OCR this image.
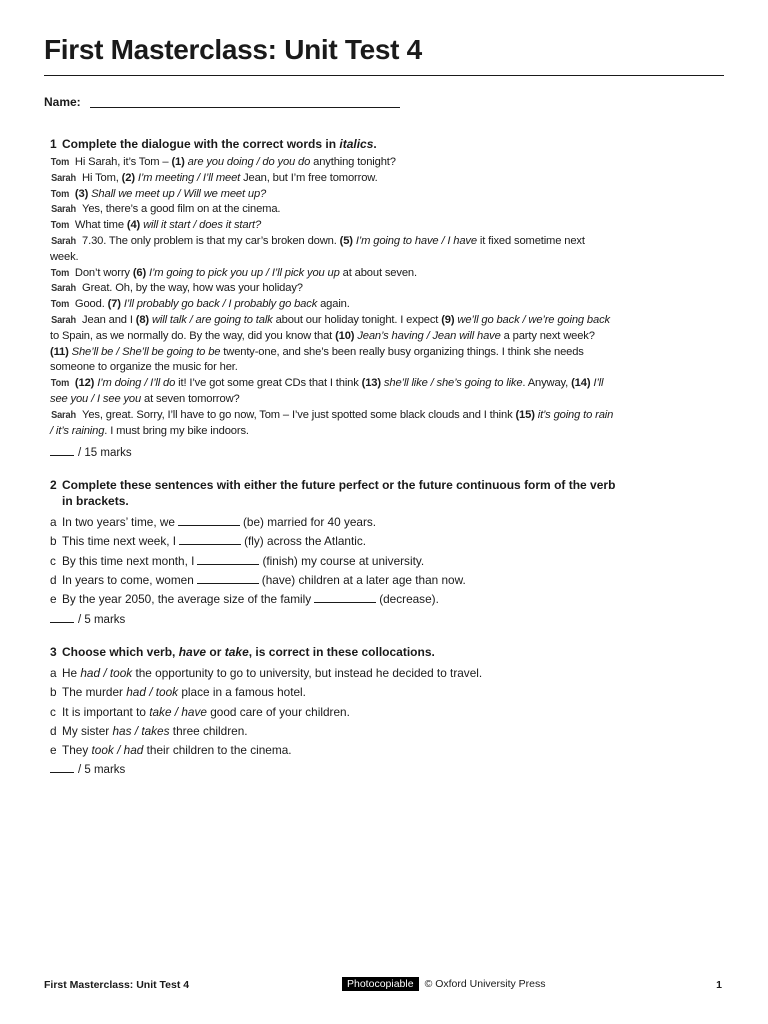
First Masterclass: Unit Test 4
Name:
1 Complete the dialogue with the correct words in italics.

Tom Hi Sarah, it’s Tom – (1) are you doing / do you do anything tonight?

Sarah Hi Tom, (2) I’m meeting / I’ll meet Jean, but I’m free tomorrow.

Tom (3) Shall we meet up / Will we meet up?

Sarah Yes, there’s a good film on at the cinema.

Tom What time (4) will it start / does it start?

Sarah 7.30. The only problem is that my car’s broken down. (5) I’m going to have / I have it fixed sometime next week.

Tom Don’t worry (6) I’m going to pick you up / I’ll pick you up at about seven.

Sarah Great. Oh, by the way, how was your holiday?

Tom Good. (7) I’ll probably go back / I probably go back again.

Sarah Jean and I (8) will talk / are going to talk about our holiday tonight. I expect (9) we’ll go back / we’re going back to Spain, as we normally do. By the way, did you know that (10) Jean’s having / Jean will have a party next week? (11) She’ll be / She’ll be going to be twenty-one, and she’s been really busy organizing things. I think she needs someone to organize the music for her.

Tom (12) I’m doing / I’ll do it! I’ve got some great CDs that I think (13) she’ll like / she’s going to like. Anyway, (14) I’ll see you / I see you at seven tomorrow?

Sarah Yes, great. Sorry, I’ll have to go now, Tom – I’ve just spotted some black clouds and I think (15) it’s going to rain / it’s raining. I must bring my bike indoors.

/ 15 marks
2 Complete these sentences with either the future perfect or the future continuous form of the verb in brackets.
a In two years’ time, we	(be) married for 40 years.
b This time next week, I	(fly) across the Atlantic.
c By this time next month, I	(finish) my course at university.
d In years to come, women	(have) children at a later age than now.
e By the year 2050, the average size of the family	(decrease).
/ 5 marks
3 Choose which verb, have or take, is correct in these collocations.
a He had / took the opportunity to go to university, but instead he decided to travel.
b The murder had / took place in a famous hotel.
c It is important to take / have good care of your children.
d My sister has / takes three children.
e They took / had their children to the cinema.
/ 5 marks
First Masterclass: Unit Test 4	Photocopiable © Oxford University Press	1
